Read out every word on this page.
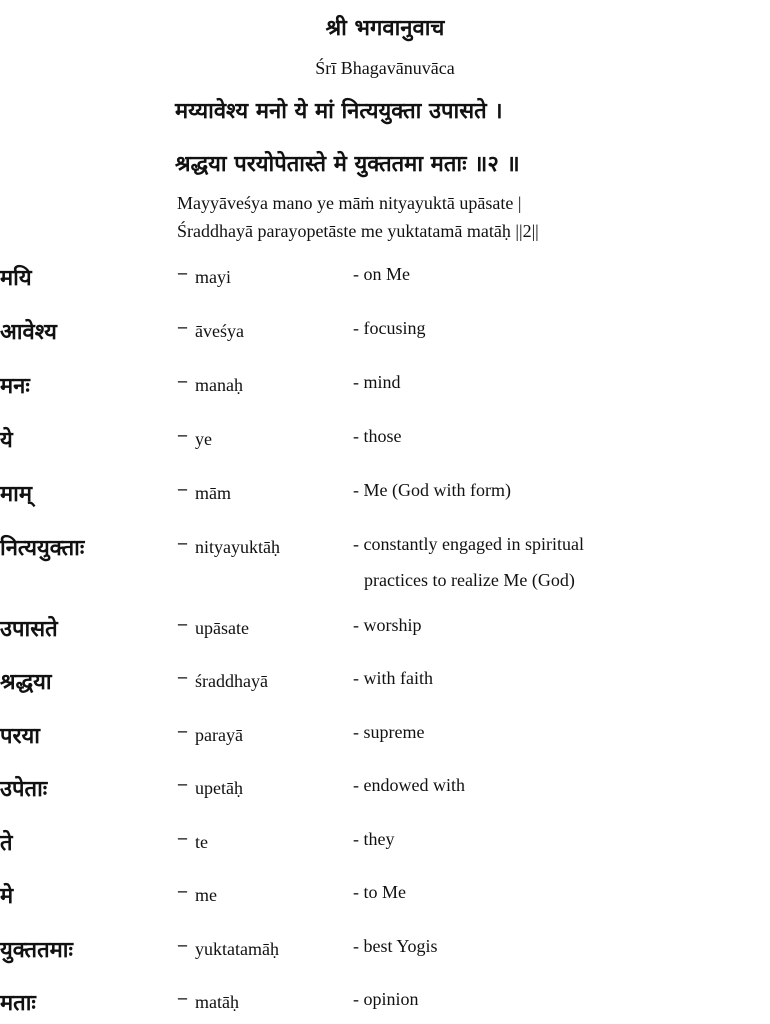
श्री भगवानुवाच
Śrī Bhagavānuvāca
मय्यावेश्य मनो ये मां नित्ययुक्ता उपासते ।
श्रद्धया परयोपेतास्ते मे युक्ततमा मताः ॥२ ॥
Mayyāveśya mano ye māṁ nityayuktā upāsate |
Śraddhayā parayopetāste me yuktatamā matāḥ ||2||
मयि	– mayi	- on Me
आवेश्य	– āveśya	- focusing
मनः	– manaḥ	- mind
ये	– ye	- those
माम्	– mām	- Me (God with form)
नित्ययुक्ताः	– nityayuktāḥ	- constantly engaged in spiritual
practices to realize Me (God)
उपासते	– upāsate	- worship
श्रद्धया	– śraddhayā	- with faith
परया	– parayā	- supreme
उपेताः	– upetāḥ	- endowed with
ते	– te	- they
मे	– me	- to Me
युक्ततमाः	– yuktatamāḥ	- best Yogis
मताः	– matāḥ	- opinion
